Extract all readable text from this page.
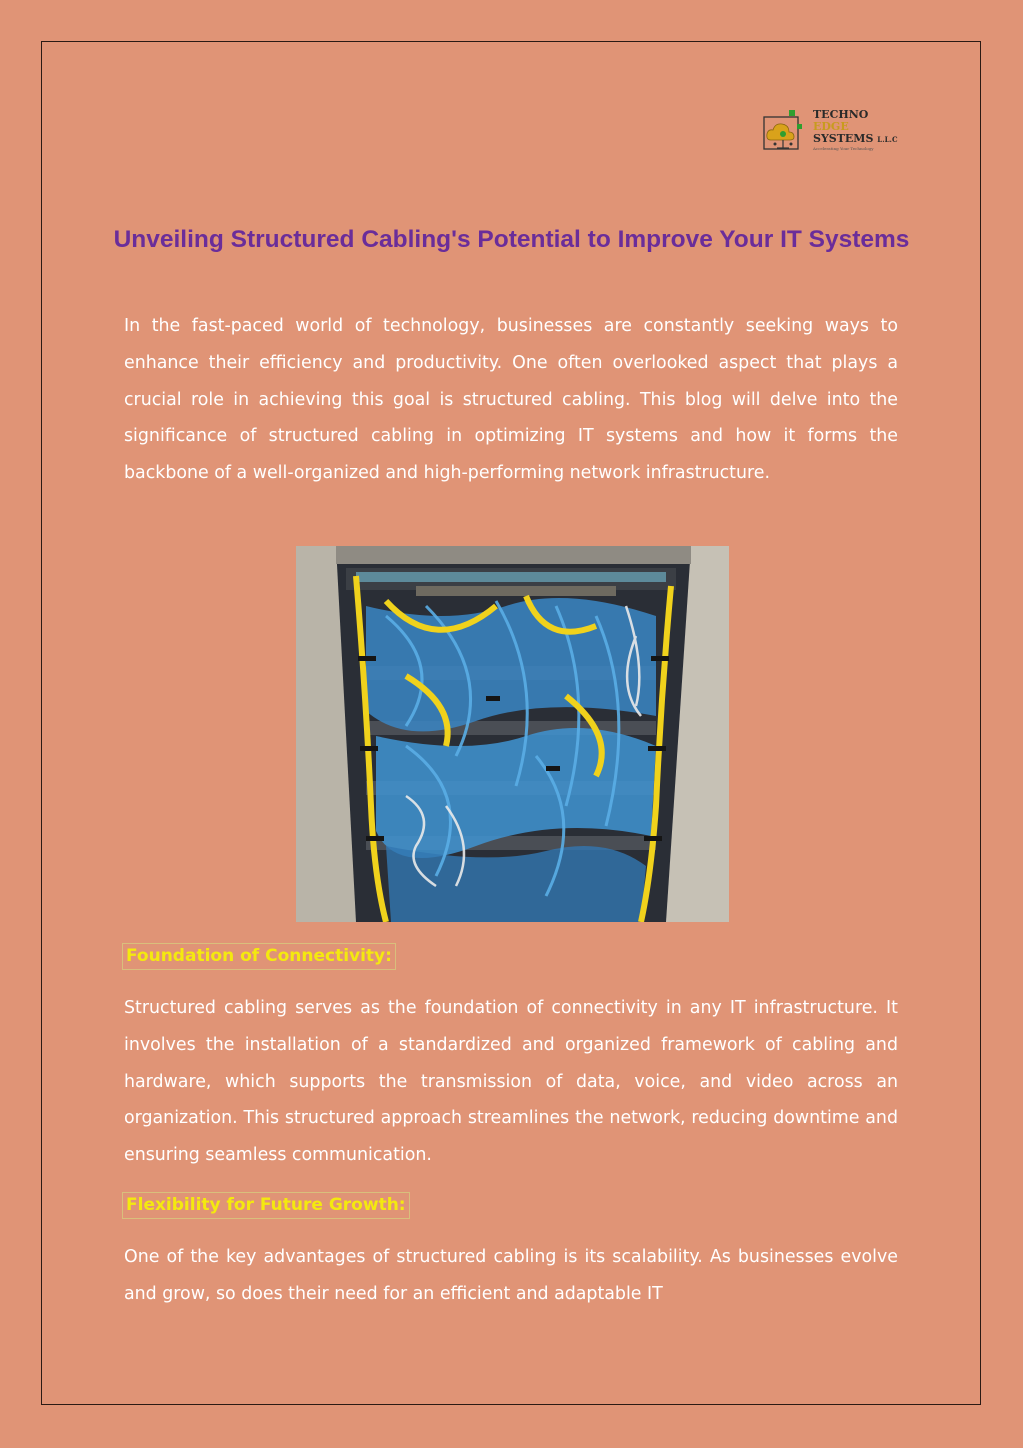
TECHNO
EDGE
SYSTEMS L.L.C
Accelerating Your Technology
Unveiling Structured Cabling's Potential to Improve Your IT Systems

In the fast-paced world of technology, businesses are constantly seeking ways to enhance their efficiency and productivity. One often overlooked aspect that plays a crucial role in achieving this goal is structured cabling. This blog will delve into the significance of structured cabling in optimizing IT systems and how it forms the backbone of a well-organized and high-performing network infrastructure.

Foundation of Connectivity:

Structured cabling serves as the foundation of connectivity in any IT infrastructure. It involves the installation of a standardized and organized framework of cabling and hardware, which supports the transmission of data, voice, and video across an organization. This structured approach streamlines the network, reducing downtime and ensuring seamless communication.

Flexibility for Future Growth:

One of the key advantages of structured cabling is its scalability. As businesses evolve and grow, so does their need for an efficient and adaptable IT
